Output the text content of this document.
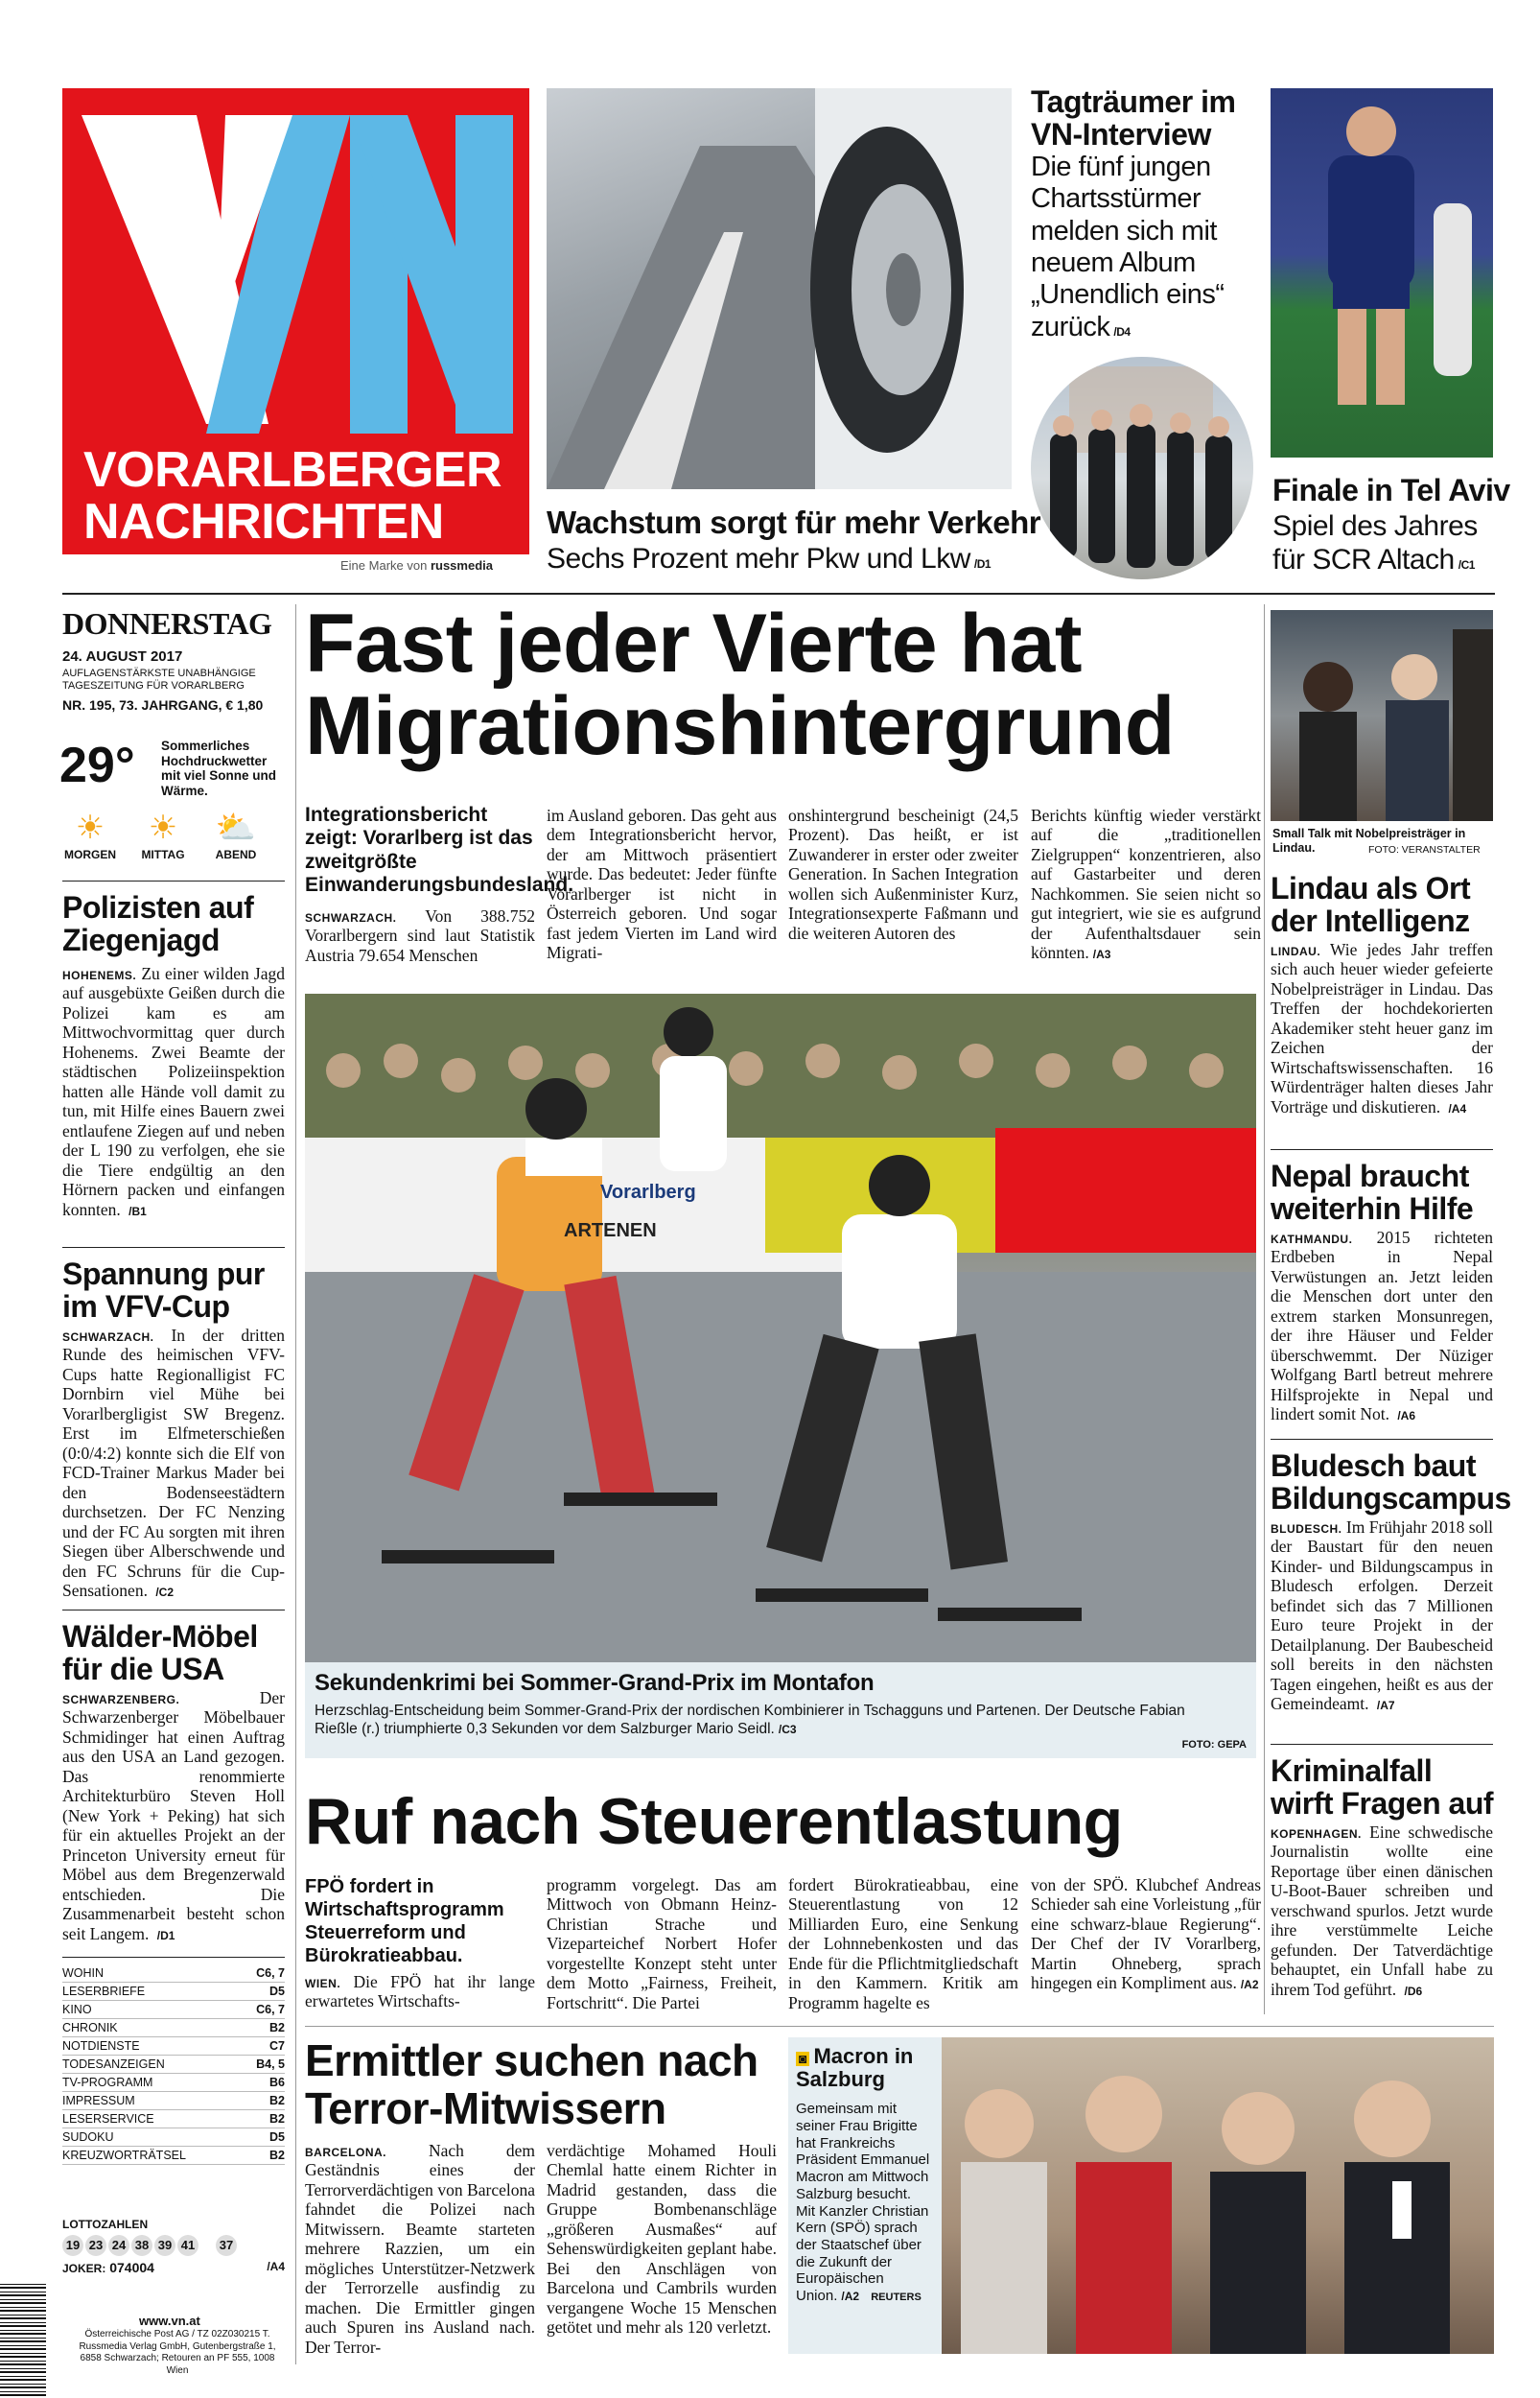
VORARLBERGER
NACHRICHTEN
Eine Marke von russmedia
Wachstum sorgt für mehr Verkehr
Sechs Prozent mehr Pkw und Lkw /D1
Tagträumer im VN-Interview
Die fünf jungen Chartsstürmer melden sich mit neuem Album „Unendlich eins“ zurück /D4
Finale in Tel Aviv
Spiel des Jahres für SCR Altach /C1
DONNERSTAG
24. AUGUST 2017
AUFLAGENSTÄRKSTE UNABHÄNGIGE TAGESZEITUNG FÜR VORARLBERG
NR. 195, 73. JAHRGANG, € 1,80
29° Sommerliches Hochdruckwetter mit viel Sonne und Wärme.
☀
MORGEN
☀
MITTAG
⛅
ABEND
Polizisten auf Ziegenjagd
HOHENEMS. Zu einer wilden Jagd auf ausgebüxte Geißen durch die Polizei kam es am Mittwochvormittag quer durch Hohenems. Zwei Beamte der städtischen Polizeiinspektion hatten alle Hände voll damit zu tun, mit Hilfe eines Bauern zwei entlaufene Ziegen auf und neben der L 190 zu verfolgen, ehe sie die Tiere endgültig an den Hörnern packen und einfangen konnten. /B1
Spannung pur im VFV-Cup
SCHWARZACH. In der dritten Runde des heimischen VFV-Cups hatte Regionalligist FC Dornbirn viel Mühe bei Vorarlbergligist SW Bregenz. Erst im Elfmeterschießen (0:0/4:2) konnte sich die Elf von FCD-Trainer Markus Mader bei den Bodenseestädtern durchsetzen. Der FC Nenzing und der FC Au sorgten mit ihren Siegen über Alberschwende und den FC Schruns für die Cup-Sensationen. /C2
Wälder-Möbel für die USA
SCHWARZENBERG.	Der Schwarzenberger Möbelbauer Schmidinger hat einen Auftrag aus den USA an Land gezogen. Das renommierte Architekturbüro Steven Holl (New York + Peking) hat sich für ein aktuelles Projekt an der Princeton University erneut für Möbel aus dem Bregenzerwald entschieden. Die Zusammenarbeit besteht schon seit Langem. /D1
WOHIN	C6, 7
LESERBRIEFE	D5
KINO	C6, 7
CHRONIK	B2
NOTDIENSTE	C7
TODESANZEIGEN	B4, 5
TV-PROGRAMM	B6
IMPRESSUM	B2
LESERSERVICE	B2
SUDOKU	D5
KREUZWORTRÄTSEL	B2
LOTTOZAHLEN
19 23 24 38 39 41 37
JOKER: 074004	/A4
www.vn.at
Österreichische Post AG / TZ 02Z030215 T. Russmedia Verlag GmbH, Gutenbergstraße 1, 6858 Schwarzach; Retouren an PF 555, 1008 Wien
Fast jeder Vierte hat Migrationshintergrund
Integrationsbericht zeigt: Vorarlberg ist das zweitgrößte Einwanderungsbundesland.
SCHWARZACH. Von 388.752 Vorarlbergern sind laut Statistik Austria 79.654 Menschen
im Ausland geboren. Das geht aus dem Integrationsbericht hervor, der am Mittwoch präsentiert wurde. Das bedeutet: Jeder fünfte Vorarlberger ist nicht in Österreich geboren. Und sogar fast jedem Vierten im Land wird Migrati-
onshintergrund bescheinigt (24,5 Prozent). Das heißt, er ist Zuwanderer in erster oder zweiter Generation. In Sachen Integration wollen sich Außenminister Kurz, Integrationsexperte Faßmann und die weiteren Autoren des
Berichts künftig wieder verstärkt auf die „traditionellen Zielgruppen“ konzentrieren, also auf Gastarbeiter und deren Nachkommen. Sie seien nicht so gut integriert, wie sie es aufgrund der Aufenthaltsdauer sein könnten. /A3
Vorarlberg
ARTENEN
Sekundenkrimi bei Sommer-Grand-Prix im Montafon
Herzschlag-Entscheidung beim Sommer-Grand-Prix der nordischen Kombinierer in Tschagguns und Partenen. Der Deutsche Fabian Rießle (r.) triumphierte 0,3 Sekunden vor dem Salzburger Mario Seidl. /C3
FOTO: GEPA
Ruf nach Steuerentlastung
FPÖ fordert in Wirtschaftsprogramm Steuerreform und Bürokratieabbau.
WIEN. Die FPÖ hat ihr lange erwartetes Wirtschafts-
programm vorgelegt. Das am Mittwoch von Obmann Heinz-Christian Strache und Vizeparteichef Norbert Hofer vorgestellte Konzept steht unter dem Motto „Fairness, Freiheit, Fortschritt“. Die Partei
fordert Bürokratieabbau, eine Steuerentlastung von 12 Milliarden Euro, eine Senkung der Lohnnebenkosten und das Ende für die Pflichtmitgliedschaft in den Kammern. Kritik am Programm hagelte es
von der SPÖ. Klubchef Andreas Schieder sah eine Vorleistung „für eine schwarz-blaue Regierung“. Der Chef der IV Vorarlberg, Martin Ohneberg, sprach hingegen ein Kompliment aus. /A2
Ermittler suchen nach Terror-Mitwissern
BARCELONA.	Nach dem Geständnis eines der Terrorverdächtigen von Barcelona fahndet die Polizei nach Mitwissern. Beamte starteten mehrere Razzien, um ein mögliches Unterstützer-Netzwerk der Terrorzelle ausfindig zu machen. Die Ermittler gingen auch Spuren ins Ausland nach. Der Terror-
verdächtige Mohamed Houli Chemlal hatte einem Richter in Madrid gestanden, dass die Gruppe Bombenanschläge „größeren Ausmaßes“ auf Sehenswürdigkeiten geplant habe. Bei den Anschlägen von Barcelona und Cambrils wurden vergangene Woche 15 Menschen getötet und mehr als 120 verletzt.
◙ Macron in Salzburg
Gemeinsam mit seiner Frau Brigitte hat Frankreichs Präsident Emmanuel Macron am Mittwoch Salzburg besucht. Mit Kanzler Christian Kern (SPÖ) sprach der Staatschef über die Zukunft der Europäischen Union. /A2 REUTERS
Small Talk mit Nobelpreisträger in Lindau.	FOTO: VERANSTALTER
Lindau als Ort der Intelligenz
LINDAU. Wie jedes Jahr treffen sich auch heuer wieder gefeierte Nobelpreisträger in Lindau. Das Treffen der hochdekorierten Akademiker steht heuer ganz im Zeichen der Wirtschaftswissenschaften. 16 Würdenträger halten dieses Jahr Vorträge und diskutieren. /A4
Nepal braucht weiterhin Hilfe
KATHMANDU. 2015 richteten Erdbeben in Nepal Verwüstungen an. Jetzt leiden die Menschen dort unter den extrem starken Monsunregen, der ihre Häuser und Felder überschwemmt. Der Nüziger Wolfgang Bartl betreut mehrere Hilfsprojekte in Nepal und lindert somit Not. /A6
Bludesch baut Bildungscampus
BLUDESCH. Im Frühjahr 2018 soll der Baustart für den neuen Kinder- und Bildungscampus in Bludesch erfolgen. Derzeit befindet sich das 7 Millionen Euro teure Projekt in der Detailplanung. Der Baubescheid soll bereits in den nächsten Tagen eingehen, heißt es aus der Gemeindeamt. /A7
Kriminalfall wirft Fragen auf
KOPENHAGEN. Eine schwedische Journalistin wollte eine Reportage über einen dänischen U-Boot-Bauer schreiben und verschwand spurlos. Jetzt wurde ihre verstümmelte Leiche gefunden. Der Tatverdächtige behauptet, ein Unfall habe zu ihrem Tod geführt. /D6
